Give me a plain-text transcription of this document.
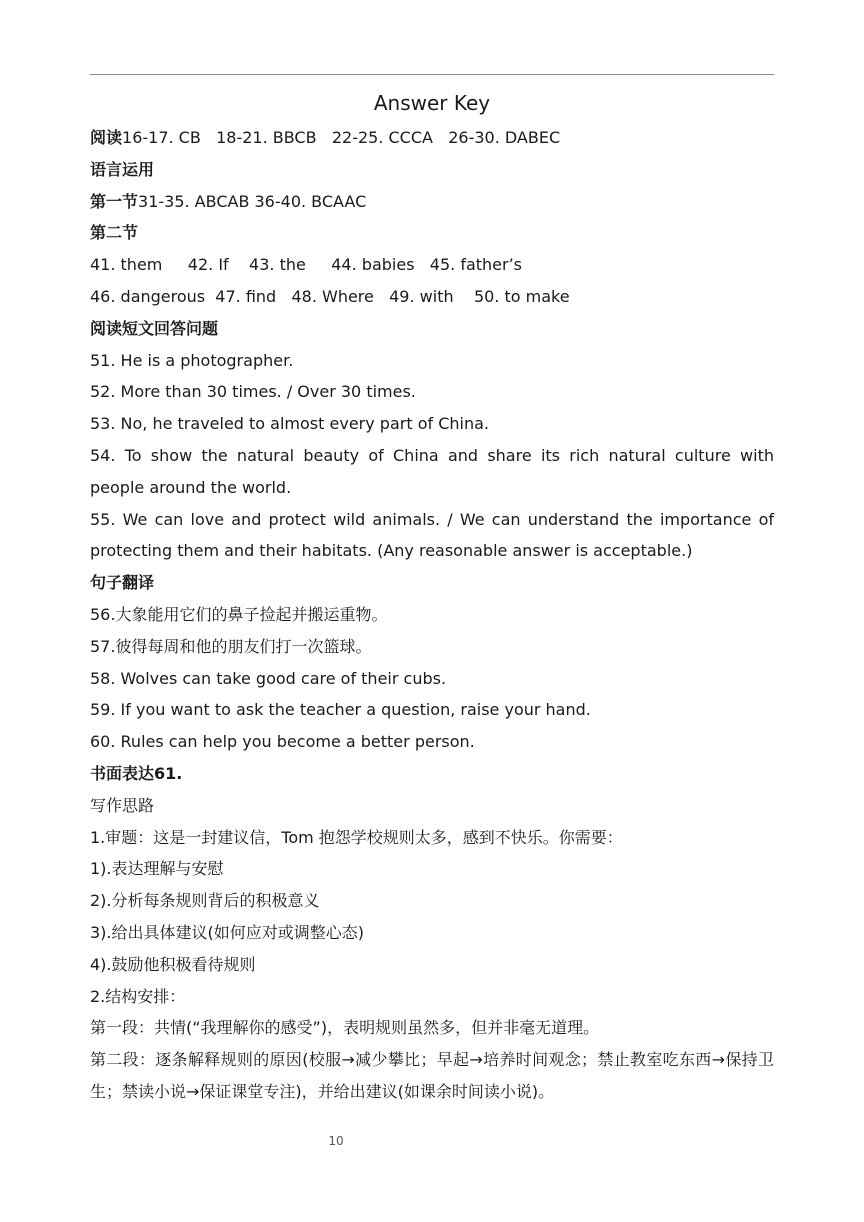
Answer Key
阅读16-17. CB   18-21. BBCB   22-25. CCCA   26-30. DABEC
语言运用
第一节31-35. ABCAB 36-40. BCAAC
第二节
41. them     42. If    43. the     44. babies   45. father’s
46. dangerous  47. find   48. Where   49. with    50. to make
阅读短文回答问题
51. He is a photographer.
52. More than 30 times. / Over 30 times.
53. No, he traveled to almost every part of China.
54. To show the natural beauty of China and share its rich natural culture with people around the world.
55. We can love and protect wild animals. / We can understand the importance of protecting them and their habitats. (Any reasonable answer is acceptable.)
句子翻译
56.大象能用它们的鼻子捡起并搬运重物。
57.彼得每周和他的朋友们打一次篮球。
58. Wolves can take good care of their cubs.
59. If you want to ask the teacher a question, raise your hand.
60. Rules can help you become a better person.
书面表达61.
写作思路
1.审题：这是一封建议信，Tom 抱怨学校规则太多，感到不快乐。你需要：
1).表达理解与安慰
2).分析每条规则背后的积极意义
3).给出具体建议(如何应对或调整心态)
4).鼓励他积极看待规则
2.结构安排：
第一段：共情(“我理解你的感受”)，表明规则虽然多，但并非毫无道理。
第二段：逐条解释规则的原因(校服→减少攀比；早起→培养时间观念；禁止教室吃东西→保持卫生；禁读小说→保证课堂专注)，并给出建议(如课余时间读小说)。
10
